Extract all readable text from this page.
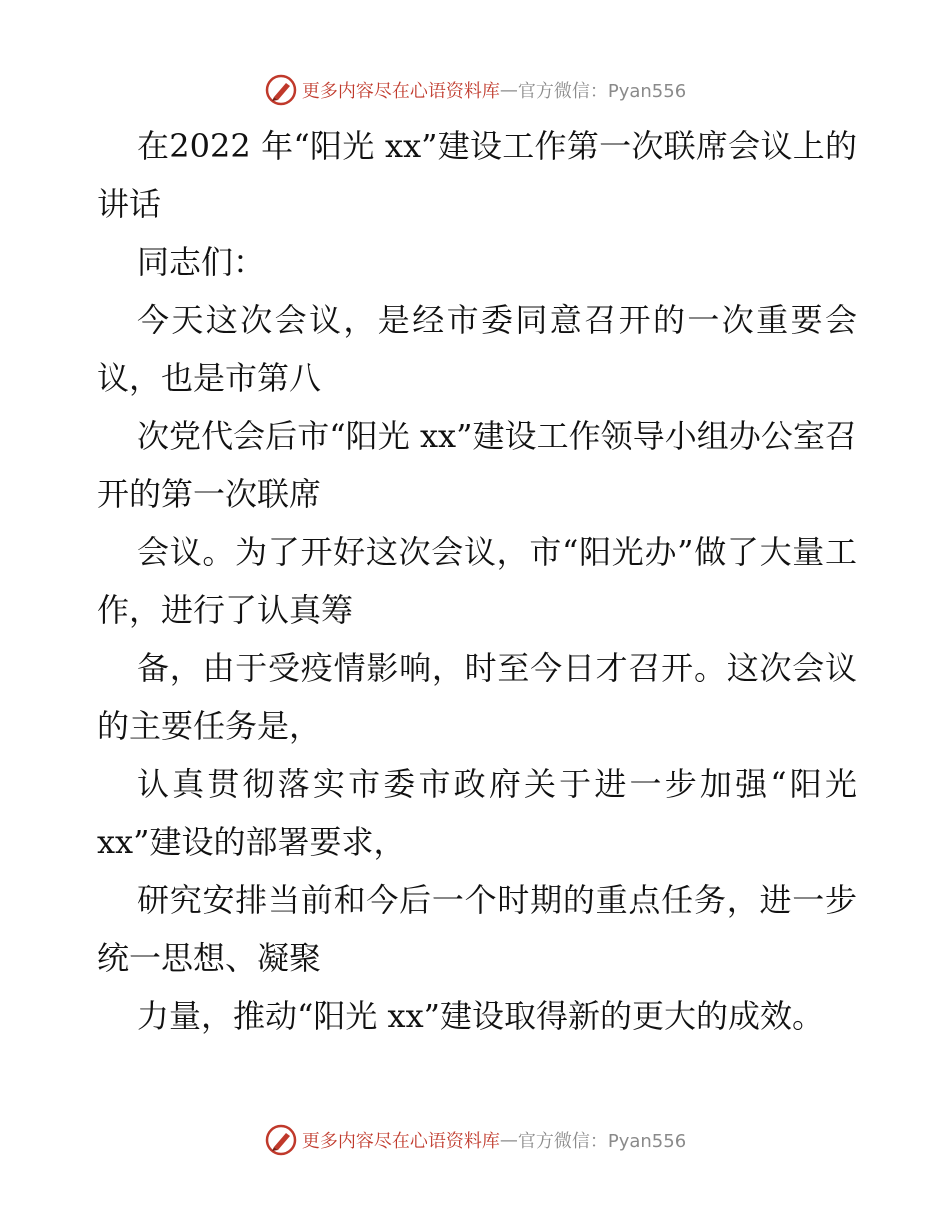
更多内容尽在心语资料库 — 官方微信：Pyan556

在2022 年“阳光 xx”建设工作第一次联席会议上的讲话

同志们：

今天这次会议，是经市委同意召开的一次重要会议，也是市第八

次党代会后市“阳光 xx”建设工作领导小组办公室召开的第一次联席

会议。为了开好这次会议，市“阳光办”做了大量工作，进行了认真筹

备，由于受疫情影响，时至今日才召开。这次会议的主要任务是，

认真贯彻落实市委市政府关于进一步加强“阳光 xx”建设的部署要求，

研究安排当前和今后一个时期的重点任务，进一步统一思想、凝聚

力量，推动“阳光 xx”建设取得新的更大的成效。

更多内容尽在心语资料库 — 官方微信：Pyan556
